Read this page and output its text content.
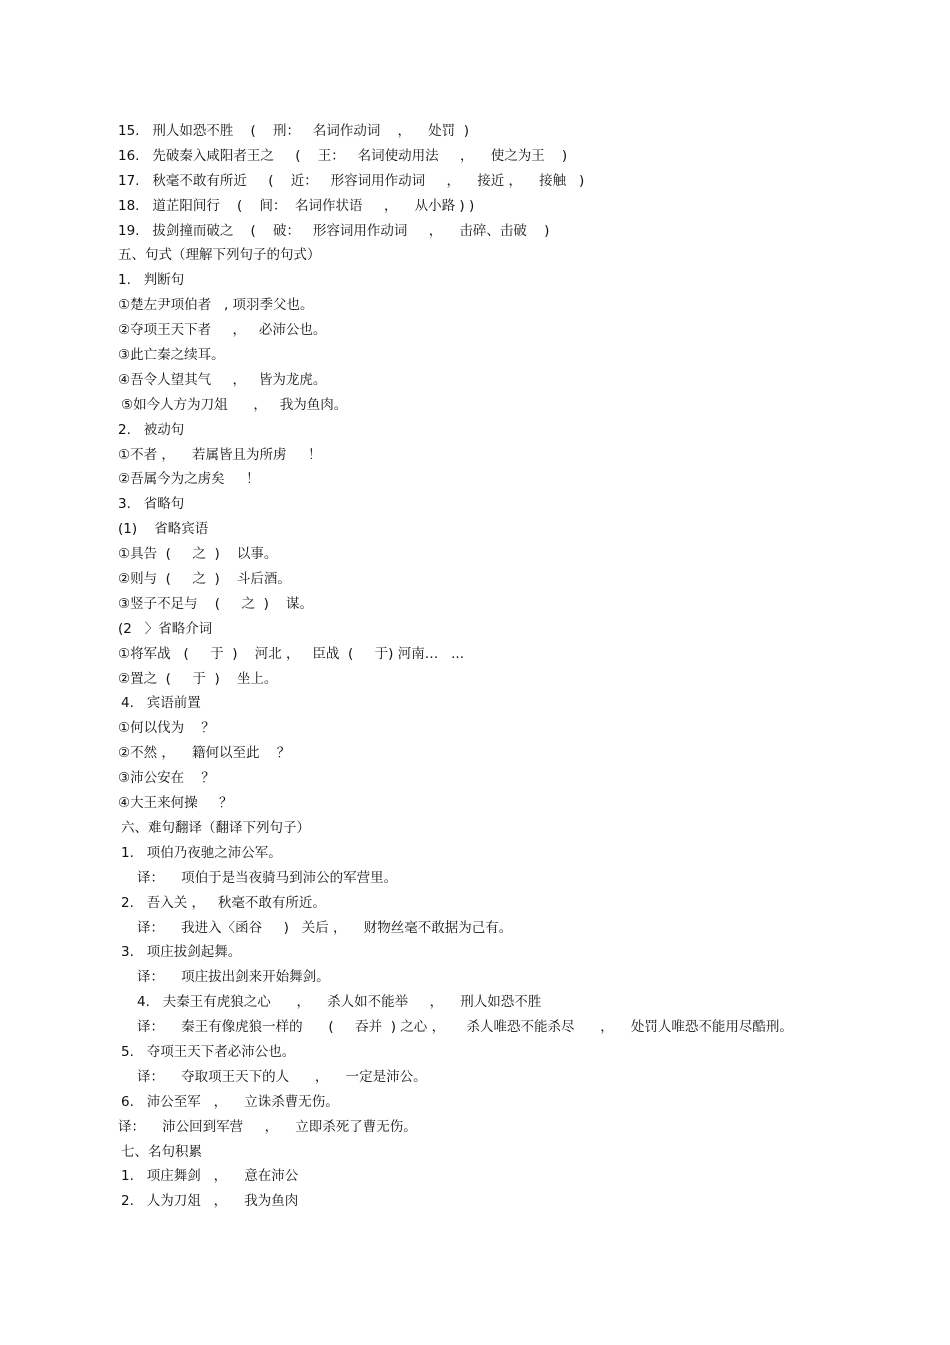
15.   刑人如恐不胜    (    刑：   名词作动词    ，    处罚  )
16.   先破秦入咸阳者王之     (    王：   名词使动用法     ，    使之为王    )
17.   秋毫不敢有所近     (    近：   形容词用作动词     ，    接近 ，    接触   )
18.   道芷阳间行    (    间：  名词作状语     ，    从小路 ) )
19.   拔剑撞而破之    (    破：   形容词用作动词     ，    击碎、击破    )
五、句式（理解下列句子的句式）
1.   判断句
①楚左尹项伯者   , 项羽季父也。
②夺项王天下者     ，   必沛公也。
③此亡秦之续耳。
④吾令人望其气     ，   皆为龙虎。
⑤如今人方为刀俎      ，   我为鱼肉。
2.   被动句
①不者 ，    若属皆且为所虏     ！
②吾属今为之虏矣     ！
3.   省略句
(1)    省略宾语
①具告  (     之  )    以事。
②则与  (     之  )    斗后酒。
③竖子不足与    (     之  )    谋。
(2   〉省略介词
①将军战   (     于  )    河北 ，   臣战  (     于) 河南…   ...
②置之  (     于  )    坐上。
4.   宾语前置
①何以伐为    ？
②不然 ，    籍何以至此    ？
③沛公安在    ？
④大王来何操     ？
六、难句翻译（翻译下列句子）
1.   项伯乃夜驰之沛公军。
译：    项伯于是当夜骑马到沛公的军营里。
2.   吾入关 ，   秋毫不敢有所近。
译：    我进入〈函谷     )   关后 ，    财物丝毫不敢据为己有。
3.   项庄拔剑起舞。
译：    项庄拔出剑来开始舞剑。
4.   夫秦王有虎狼之心      ，    杀人如不能举     ，    刑人如恐不胜
译：    秦王有像虎狼一样的      (     吞并  ) 之心 ，     杀人唯恐不能杀尽      ，    处罚人唯恐不能用尽酷刑。
5.   夺项王天下者必沛公也。
译：    夺取项王天下的人      ，    一定是沛公。
6.   沛公至军   ，    立诛杀曹无伤。
译：    沛公回到军营     ，    立即杀死了曹无伤。
七、名句积累
1.   项庄舞剑   ，    意在沛公
2.   人为刀俎   ，    我为鱼肉
